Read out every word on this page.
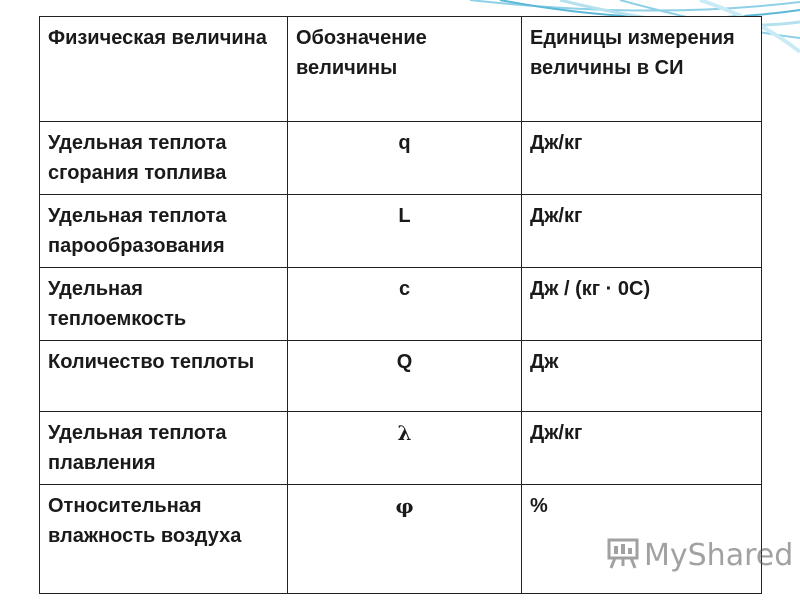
Физическая величина	Обозначение величины	Единицы измерения величины в СИ
Удельная теплота сгорания топлива	q	Дж/кг
Удельная теплота парообразования	L	Дж/кг
Удельная теплоемкость	c	Дж / (кг · 0С)
Количество теплоты	Q	Дж
Удельная теплота плавления	λ	Дж/кг
Относительная влажность воздуха	φ	%
MyShared
